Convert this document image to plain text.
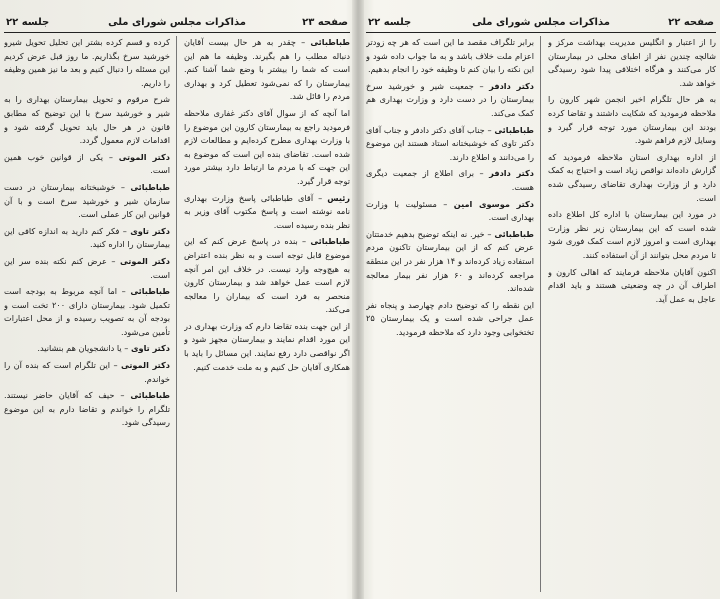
جلسه ۲۲	مذاکرات مجلس شورای ملی	صفحه ۲۳

طباطبائی – چقدر به هر حال بیست آقایان دنباله مطلب را هم بگیرند. وظیفه ما هم این است که شما را بیشتر با وضع شما آشنا کنم. بیمارستان را که نمی‌شود تعطیل کرد و بهداری مردم را قائل شد.

اما آنچه که از سوال آقای دکتر غفاری ملاحظه فرمودید راجع به بیمارستان کارون این موضوع را با وزارت بهداری مطرح کرده‌ایم و مطالعات لازم شده است. تقاضای بنده این است که موضوع به این جهت که با مردم ما ارتباط دارد بیشتر مورد توجه قرار گیرد.

رئیس – آقای طباطبائی پاسخ وزارت بهداری نامه نوشته است و پاسخ مکتوب آقای وزیر به نظر بنده رسیده است.

طباطبائی – بنده در پاسخ عرض کنم که این موضوع قابل توجه است و به نظر بنده اعتراض به هیچ‌وجه وارد نیست. در خلاف این امر آنچه لازم است عمل خواهد شد و بیمارستان کارون منحصر به فرد است که بیماران را معالجه می‌کند.

از این جهت بنده تقاضا دارم که وزارت بهداری در این مورد اقدام نمایند و بیمارستان مجهز شود و اگر نواقصی دارد رفع نمایند. این مسائل را باید با همکاری آقایان حل کنیم و به ملت خدمت کنیم.

کرده و قسم کرده بشتر این تحلیل تحویل شیرو خورشید سرخ بگذاریم. ما روز قبل عرض کردیم این مسئله را دنبال کنیم و بعد ما نیز همین وظیفه را داریم.

شرح مرقوم و تحویل بیمارستان بهداری را به شیر و خورشید سرخ با این توضیح که مطابق قانون در هر حال باید تحویل گرفته شود و اقدامات لازم معمول گردد.

دکتر الموتی – یکی از قوانین خوب همین است.

طباطبائی – خوشبختانه بیمارستان در دست سازمان شیر و خورشید سرخ است و با آن قوانین این کار عملی است.

دکتر تاوی – فکر کنم دارید به اندازه کافی این بیمارستان را اداره کنید.

دکتر الموتی – عرض کنم نکته بنده سر این است.

طباطبائی – اما آنچه مربوط به بودجه است تکمیل شود. بیمارستان دارای ۲۰۰ تخت است و بودجه آن به تصویب رسیده و از محل اعتبارات تأمین می‌شود.

دکتر تاوی – یا دانشجویان هم بنشانید.

دکتر الموتی – این تلگرام است که بنده آن را خواندم.

طباطبائی – حیف که آقایان حاضر نیستند. تلگرام را خواندم و تقاضا دارم به این موضوع رسیدگی شود.

جلسه ۲۲	مذاکرات مجلس شورای ملی	صفحه ۲۲

را از اعتبار و انگلیس مدیریت بهداشت مرکز و شالچه چندین نفر از اطبای محلی در بیمارستان کار می‌کنند و هرگاه اختلافی پیدا شود رسیدگی خواهد شد.

به هر حال تلگرام اخیر انجمن شهر کارون را ملاحظه فرمودید که شکایت داشتند و تقاضا کرده بودند این بیمارستان مورد توجه قرار گیرد و وسایل لازم فراهم شود.

از اداره بهداری استان ملاحظه فرمودید که گزارش داده‌اند نواقص زیاد است و احتیاج به کمک دارد و از وزارت بهداری تقاضای رسیدگی شده است.

در مورد این بیمارستان با اداره کل اطلاع داده شده است که این بیمارستان زیر نظر وزارت بهداری است و امروز لازم است کمک فوری شود تا مردم محل بتوانند از آن استفاده کنند.

اکنون آقایان ملاحظه فرمایند که اهالی کارون و اطراف آن در چه وضعیتی هستند و باید اقدام عاجل به عمل آید.

برابر تلگراف مقصد ما این است که هر چه زودتر اعزام ملت خلاف باشد و به ما جواب داده شود و این نکته را بیان کنم تا وظیفه خود را انجام بدهیم.

دکتر دادفر – جمعیت شیر و خورشید سرخ بیمارستان را در دست دارد و وزارت بهداری هم کمک می‌کند.

طباطبائی – جناب آقای دکتر دادفر و جناب آقای دکتر تاوی که خوشبختانه استاد هستند این موضوع را می‌دانند و اطلاع دارند.

دکتر دادفر – برای اطلاع از جمعیت دیگری هست.

دکتر موسوی امین – مسئولیت با وزارت بهداری است.

طباطبائی – خیر. نه اینکه توضیح بدهیم خدمتتان عرض کنم که از این بیمارستان تاکنون مردم استفاده زیاد کرده‌اند و ۱۴ هزار نفر در این منطقه مراجعه کرده‌اند و ۶۰ هزار نفر بیمار معالجه شده‌اند.

این نقطه را که توضیح دادم چهارصد و پنجاه نفر عمل جراحی شده است و یک بیمارستان ۲۵ تختخوابی وجود دارد که ملاحظه فرمودید.
